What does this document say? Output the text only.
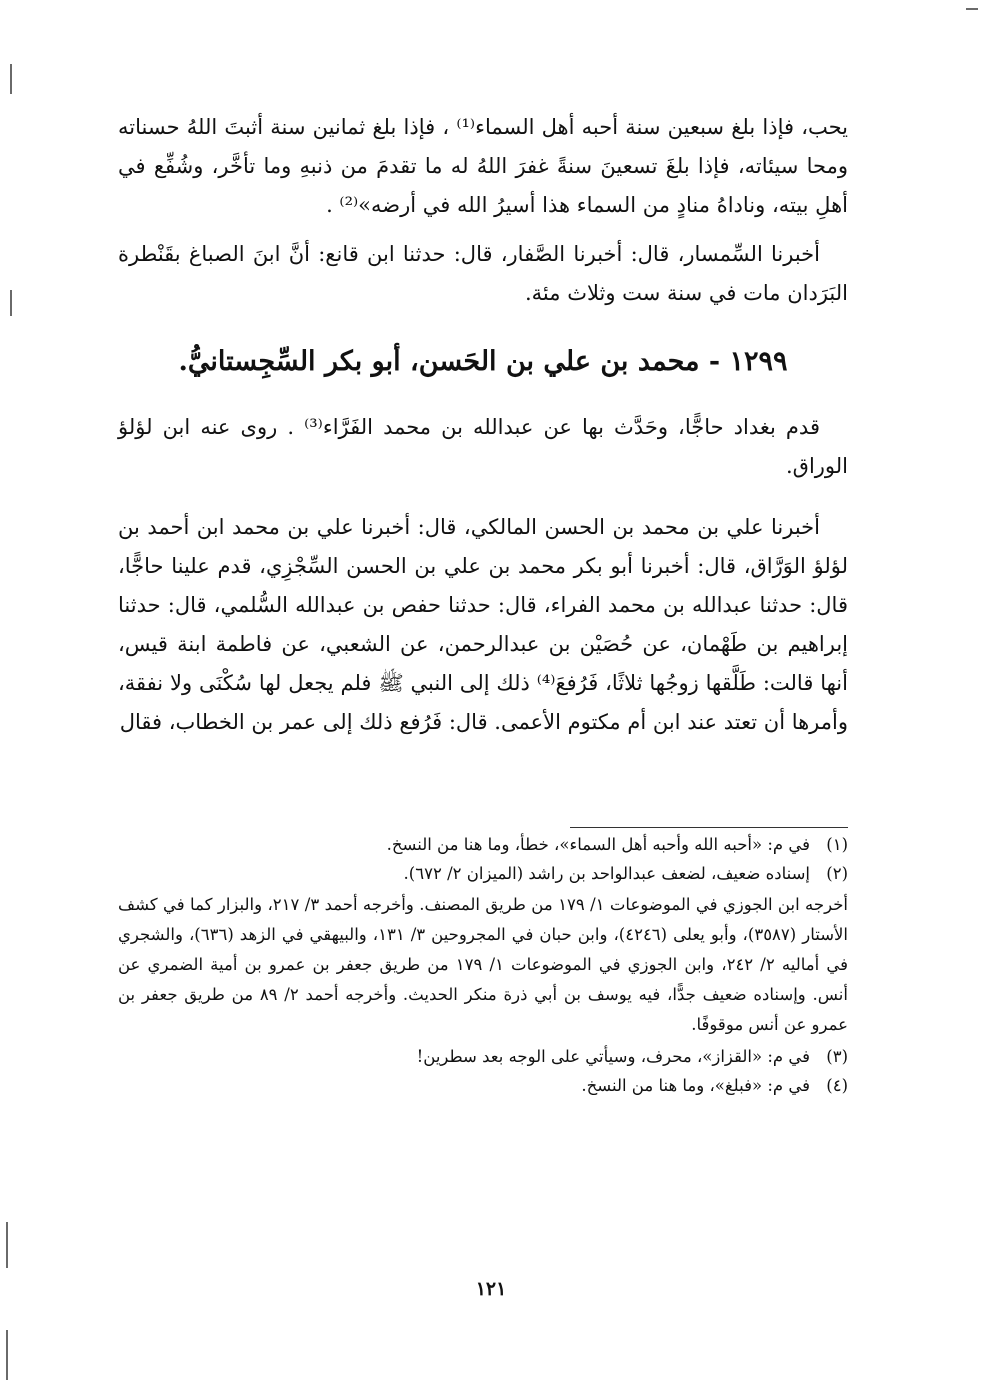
يحب، فإذا بلغ سبعين سنة أحبه أهل السماء⁽¹⁾ ، فإذا بلغ ثمانين سنة أثبتَ اللهُ حسناته ومحا سيئاته، فإذا بلغَ تسعينَ سنةً غفرَ اللهُ له ما تقدمَ من ذنبهِ وما تأخَّر، وشُفِّع في أهلِ بيته، وناداهُ منادٍ من السماء هذا أسيرُ الله في أرضه»⁽²⁾ .

أخبرنا السِّمسار، قال: أخبرنا الصَّفار، قال: حدثنا ابن قانع: أنَّ ابنَ الصباغ بقَنْطرة البَرَدان مات في سنة ست وثلاث مئة.

١٢٩٩ - محمد بن علي بن الحَسن، أبو بكر السِّجِستانيُّ.

قدم بغداد حاجًّا، وحَدَّث بها عن عبدالله بن محمد الفَرَّاء⁽³⁾ . روى عنه ابن لؤلؤ الوراق.

أخبرنا علي بن محمد بن الحسن المالكي، قال: أخبرنا علي بن محمد ابن أحمد بن لؤلؤ الوَرَّاق، قال: أخبرنا أبو بكر محمد بن علي بن الحسن السِّجْزِي، قدم علينا حاجًّا، قال: حدثنا عبدالله بن محمد الفراء، قال: حدثنا حفص بن عبدالله السُّلمي، قال: حدثنا إبراهيم بن طَهْمان، عن حُصَيْن بن عبدالرحمن، عن الشعبي، عن فاطمة ابنة قيس، أنها قالت: طَلَّقها زوجُها ثلاثًا، فَرُفعَ⁽⁴⁾ ذلك إلى النبي ﷺ فلم يجعل لها سُكْنَى ولا نفقة، وأمرها أن تعتد عند ابن أم مكتوم الأعمى. قال: فَرُفع ذلك إلى عمر بن الخطاب، فقال

(١)
في م: «أحبه الله وأحبه أهل السماء»، خطأ، وما هنا من النسخ.
(٢)
إسناده ضعيف، لضعف عبدالواحد بن راشد (الميزان ٢/ ٦٧٢).
أخرجه ابن الجوزي في الموضوعات ١/ ١٧٩ من طريق المصنف. وأخرجه أحمد ٣/ ٢١٧، والبزار كما في كشف الأستار (٣٥٨٧)، وأبو يعلى (٤٢٤٦)، وابن حبان في المجروحين ٣/ ١٣١، والبيهقي في الزهد (٦٣٦)، والشجري في أماليه ٢/ ٢٤٢، وابن الجوزي في الموضوعات ١/ ١٧٩ من طريق جعفر بن عمرو بن أمية الضمري عن أنس. وإسناده ضعيف جدًّا، فيه يوسف بن أبي ذرة منكر الحديث. وأخرجه أحمد ٢/ ٨٩ من طريق جعفر بن عمرو عن أنس موقوفًا.
(٣)
في م: «القزاز»، محرف، وسيأتي على الوجه بعد سطرين!
(٤)
في م: «فبلغ»، وما هنا من النسخ.
١٢١
